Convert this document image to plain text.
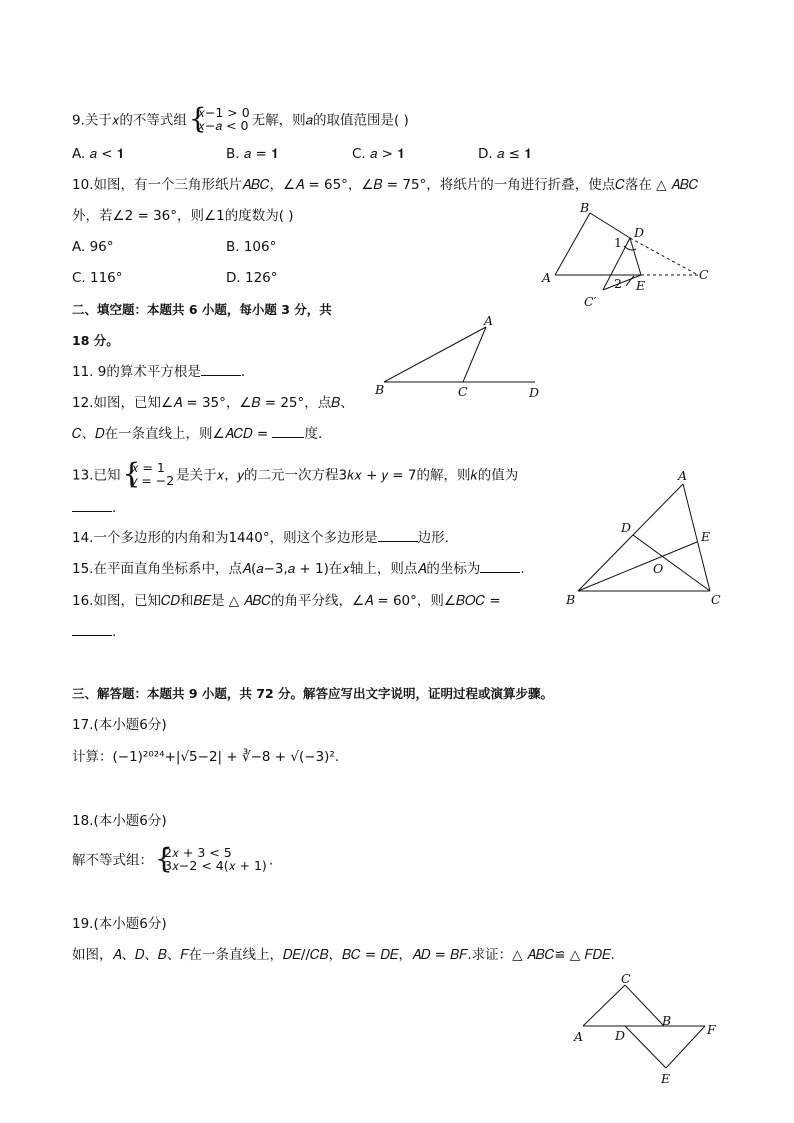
9.关于𝑥的不等式组 {
𝑥−1 > 0
𝑥−𝑎 < 0 无解，则𝑎的取值范围是( )
A. 𝑎 < 𝟏	B. 𝑎 = 𝟏	C. 𝑎 > 𝟏	D. 𝑎 ≤ 𝟏
10.如图，有一个三角形纸片𝐴𝐵𝐶，∠𝐴 = 65°，∠𝐵 = 75°，将纸片的一角进行折叠，使点𝐶落在 △ 𝐴𝐵𝐶
外，若∠2 = 36°，则∠1的度数为( )
A. 96°	B. 106°
C. 116°	D. 126°
B
D
1
A	2 E
C
C′
二、填空题：本题共 6 小题，每小题 3 分，共
18 分。
11. 9的算术平方根是	.
A
B	C	D
12.如图，已知∠𝐴 = 35°，∠𝐵 = 25°，点𝐵、
𝐶、𝐷在一条直线上，则∠𝐴𝐶𝐷 = 度.
13.已知 {
𝑥 = 1
𝑦 = −2 是关于𝑥，𝑦的二元一次方程3𝑘𝑥 + 𝑦 = 7的解，则𝑘的值为
.
A
D
E
O
B	C
14.一个多边形的内角和为1440°，则这个多边形是	边形.
15.在平面直角坐标系中，点𝐴(𝑎−3,𝑎 + 1)在𝑥轴上，则点𝐴的坐标为	.
16.如图，已知𝐶𝐷和𝐵𝐸是 △ 𝐴𝐵𝐶的角平分线，∠𝐴 = 60°，则∠𝐵𝑂𝐶 =
.
三、解答题：本题共 9 小题，共 72 分。解答应写出文字说明，证明过程或演算步骤。
17.(本小题6分)
计算：(−1)²⁰²⁴+|√5−2| + ∛−8 + √(−3)².
18.(本小题6分)
解不等式组： {
2𝑥 + 3 < 5
3𝑥−2 < 4(𝑥 + 1) .
19.(本小题6分)
如图，𝐴、𝐷、𝐵、𝐹在一条直线上，𝐷𝐸//𝐶𝐵，𝐵𝐶 = 𝐷𝐸，𝐴𝐷 = 𝐵𝐹.求证：△ 𝐴𝐵𝐶≌ △ 𝐹𝐷𝐸.
C
B
A	D	F
E
